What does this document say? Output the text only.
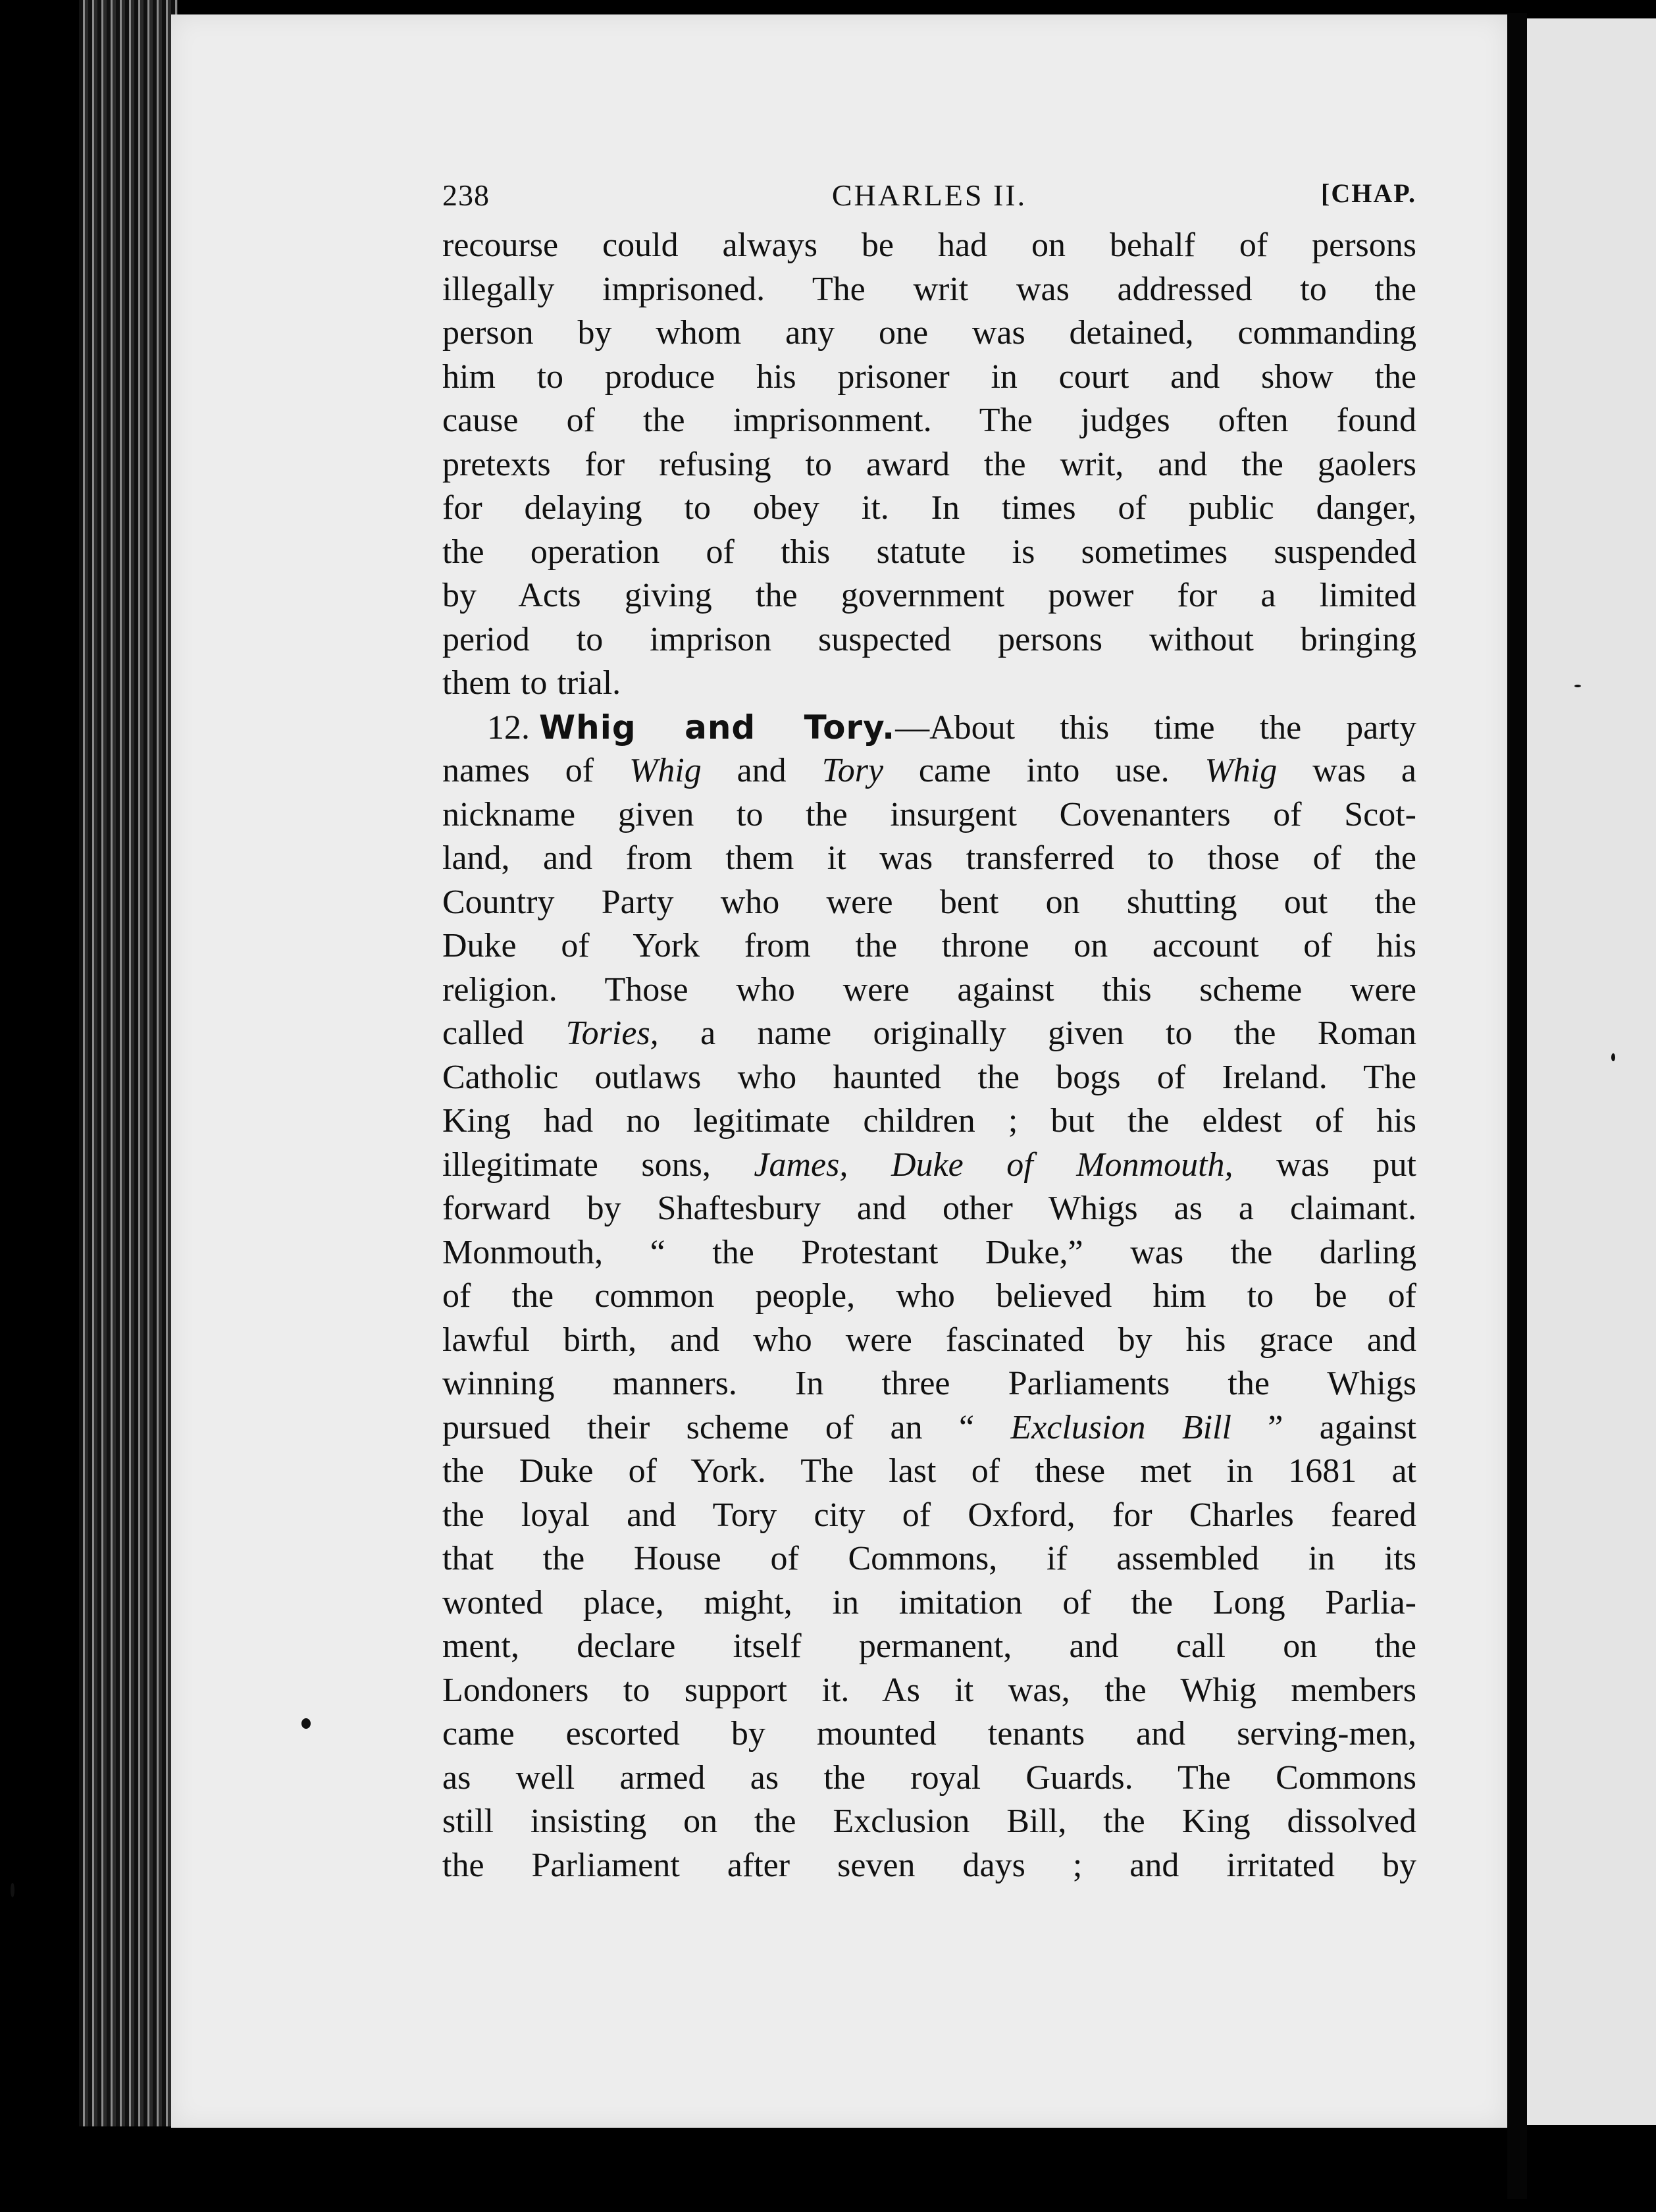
238	CHARLES II.	[CHAP.
recourse could always be had on behalf of persons
illegally imprisoned. The writ was addressed to the
person by whom any one was detained, commanding
him to produce his prisoner in court and show the
cause of the imprisonment. The judges often found
pretexts for refusing to award the writ, and the gaolers
for delaying to obey it. In times of public danger,
the operation of this statute is sometimes suspended
by Acts giving the government power for a limited
period to imprison suspected persons without bringing
them to trial.
12. Whig and Tory.—About this time the party
names of Whig and Tory came into use. Whig was a
nickname given to the insurgent Covenanters of Scot-
land, and from them it was transferred to those of the
Country Party who were bent on shutting out the
Duke of York from the throne on account of his
religion. Those who were against this scheme were
called Tories, a name originally given to the Roman
Catholic outlaws who haunted the bogs of Ireland. The
King had no legitimate children ; but the eldest of his
illegitimate sons, James, Duke of Monmouth, was put
forward by Shaftesbury and other Whigs as a claimant.
Monmouth, “ the Protestant Duke,” was the darling
of the common people, who believed him to be of
lawful birth, and who were fascinated by his grace and
winning manners. In three Parliaments the Whigs
pursued their scheme of an “ Exclusion Bill ” against
the Duke of York. The last of these met in 1681 at
the loyal and Tory city of Oxford, for Charles feared
that the House of Commons, if assembled in its
wonted place, might, in imitation of the Long Parlia-
ment, declare itself permanent, and call on the
Londoners to support it. As it was, the Whig members
came escorted by mounted tenants and serving-men,
as well armed as the royal Guards. The Commons
still insisting on the Exclusion Bill, the King dissolved
the Parliament after seven days ; and irritated by
